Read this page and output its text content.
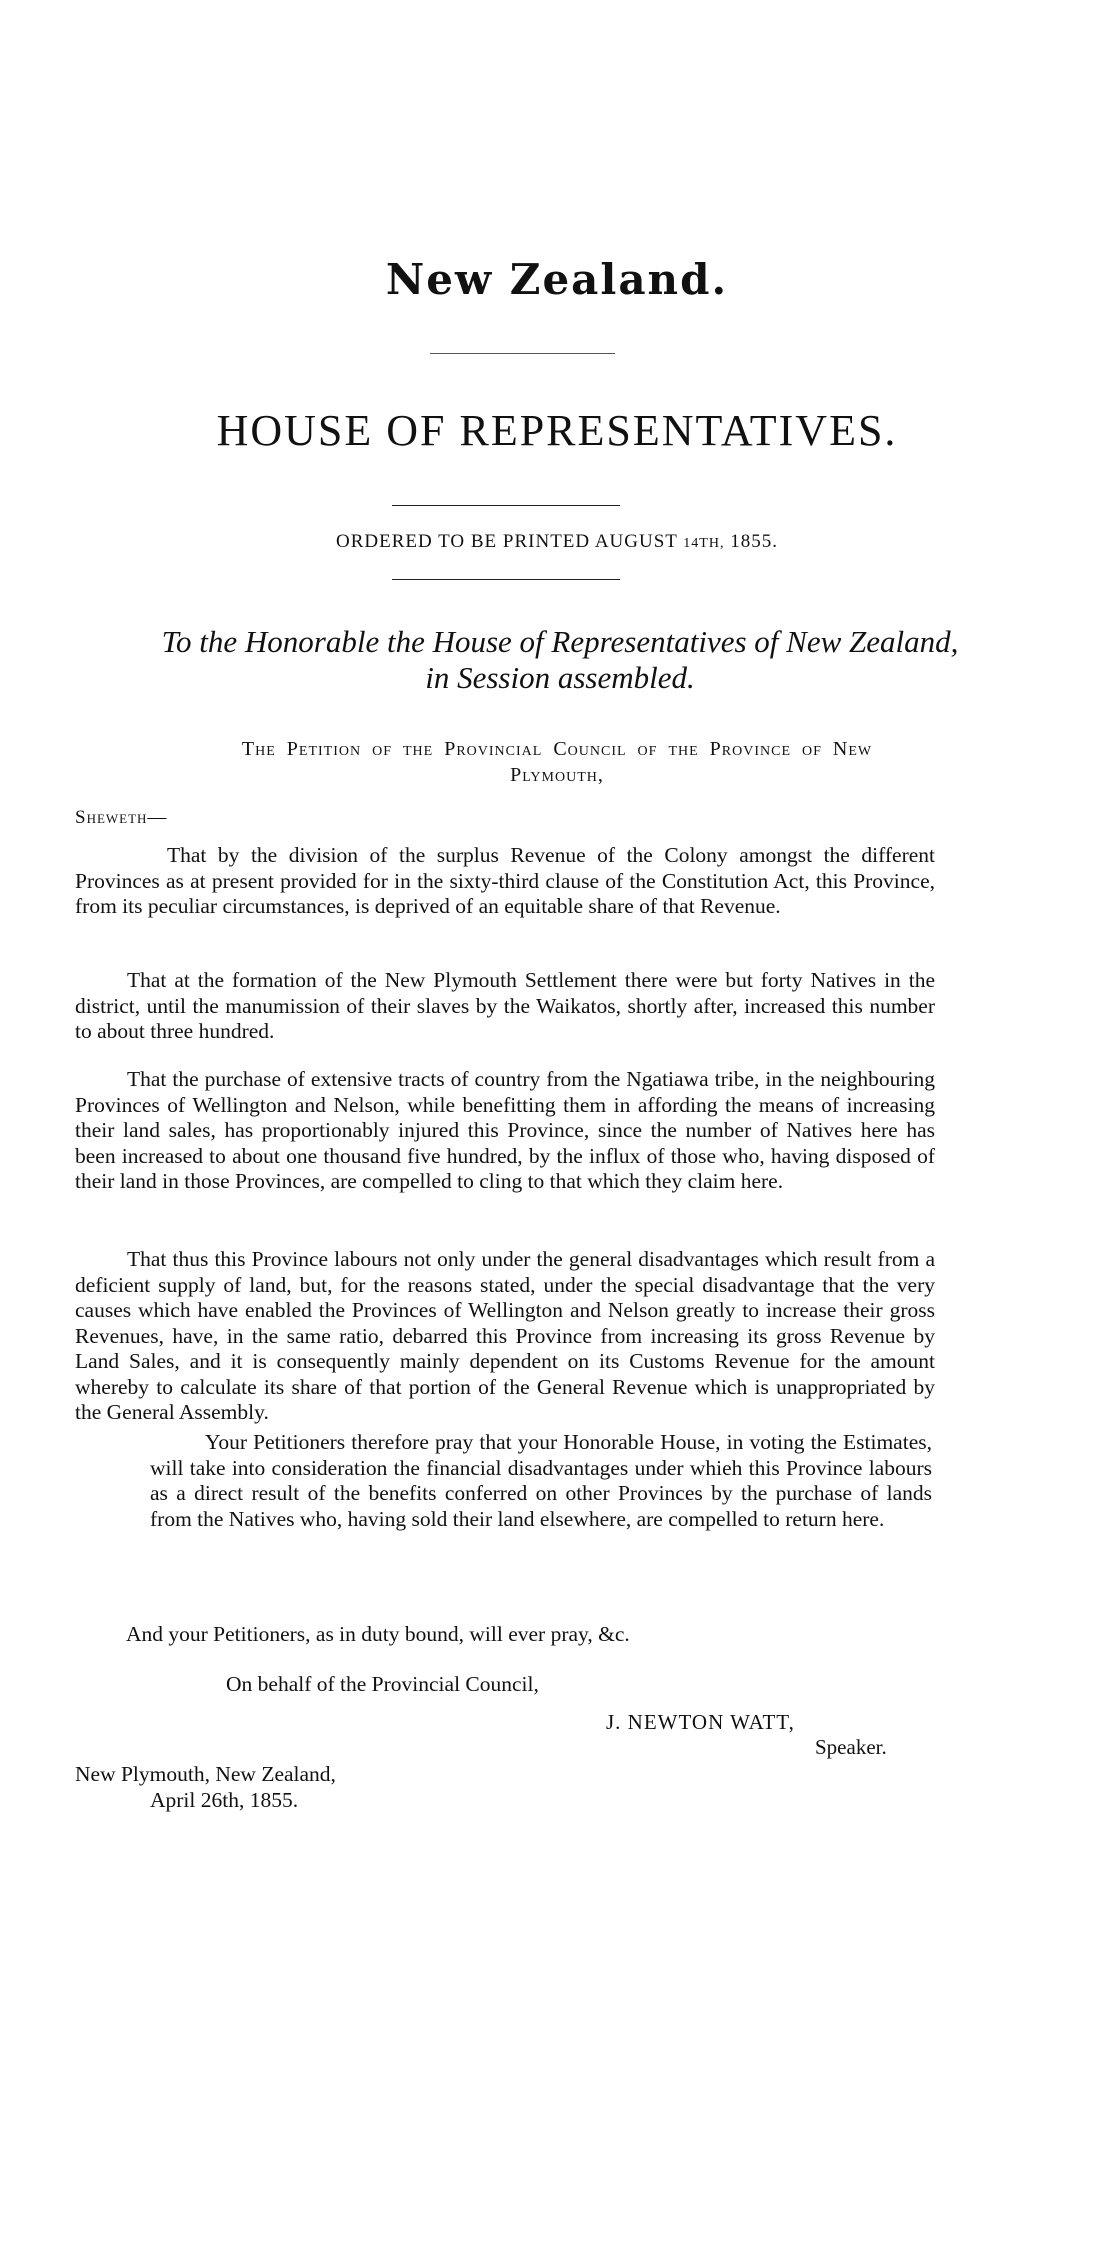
New Zealand.
HOUSE OF REPRESENTATIVES.
ORDERED TO BE PRINTED AUGUST 14TH, 1855.
To the Honorable the House of Representatives of New Zealand,
in Session assembled.
The Petition of the Provincial Council of the Province of New
Plymouth,
Sheweth—
That by the division of the surplus Revenue of the Colony amongst the different Provinces as at present provided for in the sixty-third clause of the Constitution Act, this Province, from its peculiar circumstances, is deprived of an equitable share of that Revenue.
That at the formation of the New Plymouth Settlement there were but forty Natives in the district, until the manumission of their slaves by the Waikatos, shortly after, increased this number to about three hundred.
That the purchase of extensive tracts of country from the Ngatiawa tribe, in the neighbouring Provinces of Wellington and Nelson, while benefitting them in affording the means of increasing their land sales, has proportionably injured this Province, since the number of Natives here has been increased to about one thousand five hundred, by the influx of those who, having disposed of their land in those Provinces, are compelled to cling to that which they claim here.
That thus this Province labours not only under the general disadvantages which result from a deficient supply of land, but, for the reasons stated, under the special disadvantage that the very causes which have enabled the Provinces of Wellington and Nelson greatly to increase their gross Revenues, have, in the same ratio, debarred this Province from increasing its gross Revenue by Land Sales, and it is consequently mainly dependent on its Customs Revenue for the amount whereby to calculate its share of that portion of the General Revenue which is unappropriated by the General Assembly.
Your Petitioners therefore pray that your Honorable House, in voting the Estimates, will take into consideration the financial disadvantages under whieh this Province labours as a direct result of the benefits conferred on other Provinces by the purchase of lands from the Natives who, having sold their land elsewhere, are compelled to return here.
And your Petitioners, as in duty bound, will ever pray, &c.
On behalf of the Provincial Council,
J. NEWTON WATT,
Speaker.
New Plymouth, New Zealand,
April 26th, 1855.
